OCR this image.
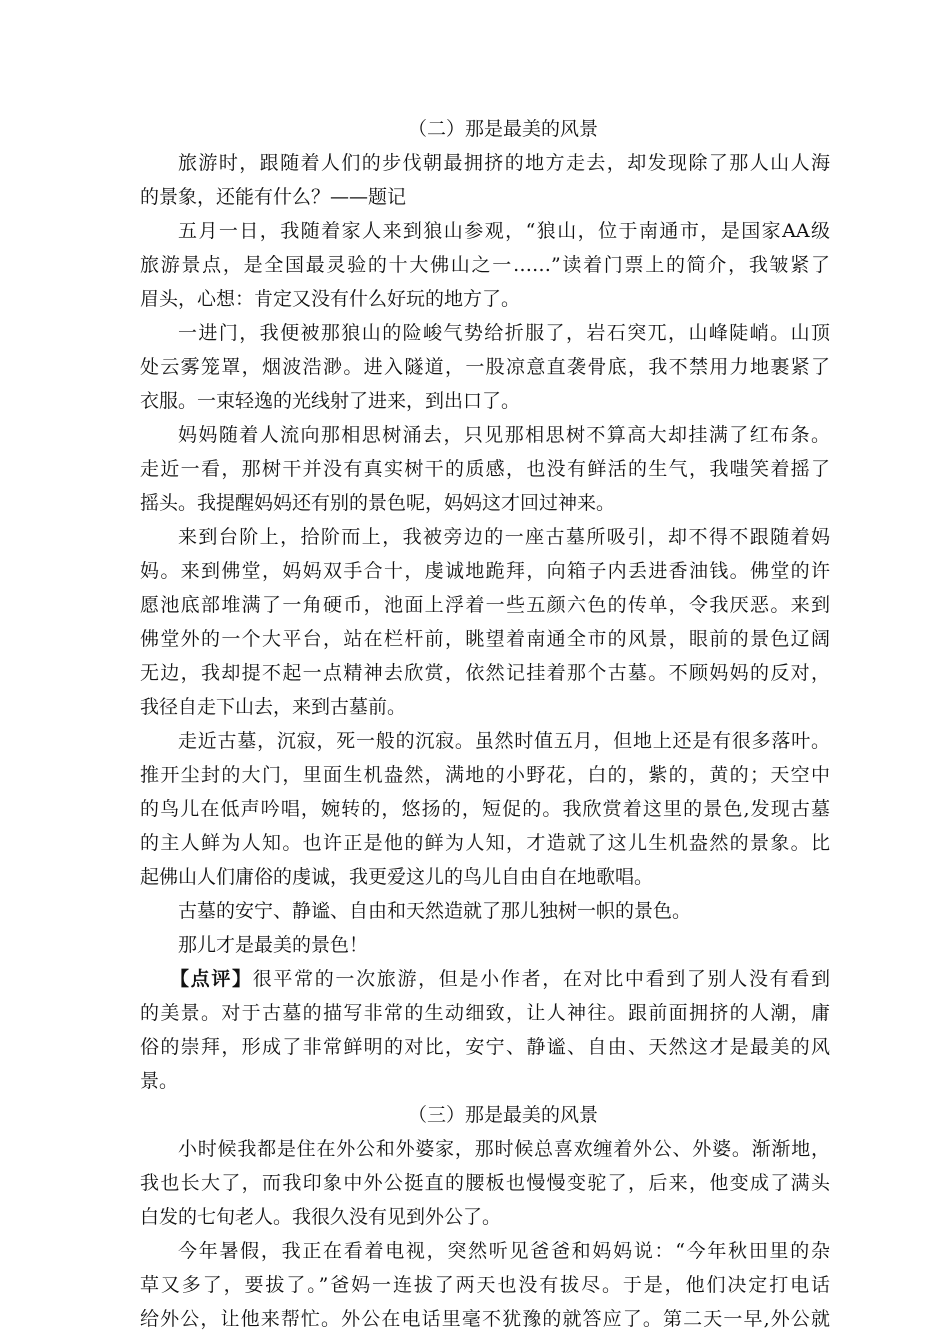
（二）那是最美的风景
旅游时，跟随着人们的步伐朝最拥挤的地方走去，却发现除了那人山人海
的景象，还能有什么？——题记
五月一日，我随着家人来到狼山参观，“狼山，位于南通市，是国家AA级
旅游景点，是全国最灵验的十大佛山之一……”读着门票上的简介，我皱紧了
眉头，心想：肯定又没有什么好玩的地方了。
一进门，我便被那狼山的险峻气势给折服了，岩石突兀，山峰陡峭。山顶
处云雾笼罩，烟波浩渺。进入隧道，一股凉意直袭骨底，我不禁用力地裹紧了
衣服。一束轻逸的光线射了进来，到出口了。
妈妈随着人流向那相思树涌去，只见那相思树不算高大却挂满了红布条。
走近一看，那树干并没有真实树干的质感，也没有鲜活的生气，我嗤笑着摇了
摇头。我提醒妈妈还有别的景色呢，妈妈这才回过神来。
来到台阶上，拾阶而上，我被旁边的一座古墓所吸引，却不得不跟随着妈
妈。来到佛堂，妈妈双手合十，虔诚地跪拜，向箱子内丢进香油钱。佛堂的许
愿池底部堆满了一角硬币，池面上浮着一些五颜六色的传单，令我厌恶。来到
佛堂外的一个大平台，站在栏杆前，眺望着南通全市的风景，眼前的景色辽阔
无边，我却提不起一点精神去欣赏，依然记挂着那个古墓。不顾妈妈的反对，
我径自走下山去，来到古墓前。
走近古墓，沉寂，死一般的沉寂。虽然时值五月，但地上还是有很多落叶。
推开尘封的大门，里面生机盎然，满地的小野花，白的，紫的，黄的；天空中
的鸟儿在低声吟唱，婉转的，悠扬的，短促的。我欣赏着这里的景色,发现古墓
的主人鲜为人知。也许正是他的鲜为人知，才造就了这儿生机盎然的景象。比
起佛山人们庸俗的虔诚，我更爱这儿的鸟儿自由自在地歌唱。
古墓的安宁、静谧、自由和天然造就了那儿独树一帜的景色。
那儿才是最美的景色！
【点评】很平常的一次旅游，但是小作者，在对比中看到了别人没有看到
的美景。对于古墓的描写非常的生动细致，让人神往。跟前面拥挤的人潮，庸
俗的崇拜，形成了非常鲜明的对比，安宁、静谧、自由、天然这才是最美的风
景。
（三）那是最美的风景
小时候我都是住在外公和外婆家，那时候总喜欢缠着外公、外婆。渐渐地，
我也长大了，而我印象中外公挺直的腰板也慢慢变驼了，后来，他变成了满头
白发的七旬老人。我很久没有见到外公了。
今年暑假，我正在看着电视，突然听见爸爸和妈妈说：“今年秋田里的杂
草又多了，要拔了。”爸妈一连拔了两天也没有拔尽。于是，他们决定打电话
给外公，让他来帮忙。外公在电话里毫不犹豫的就答应了。第二天一早,外公就
